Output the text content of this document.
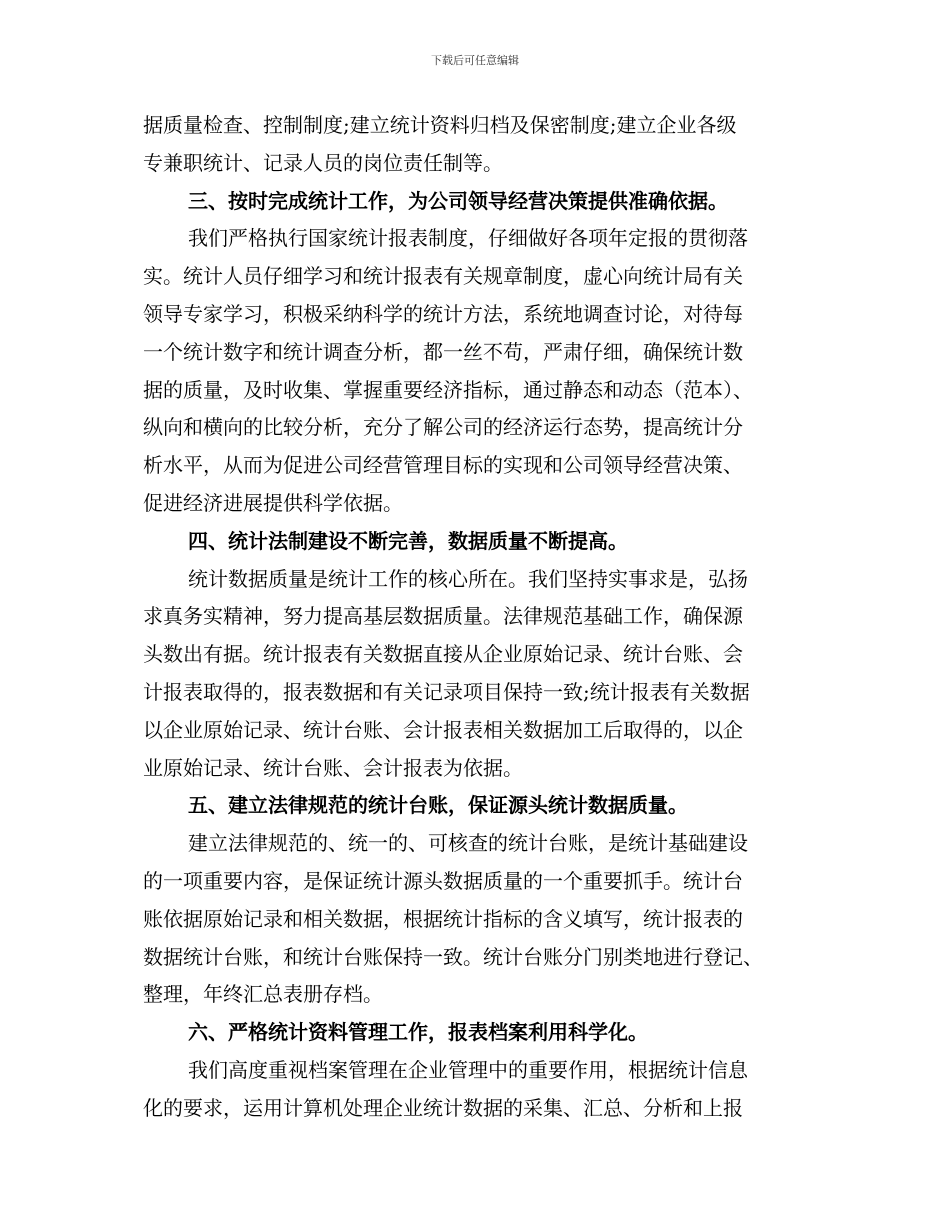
下载后可任意编辑
据质量检查、控制制度;建立统计资料归档及保密制度;建立企业各级
专兼职统计、记录人员的岗位责任制等。
三、按时完成统计工作，为公司领导经营决策提供准确依据。
我们严格执行国家统计报表制度，仔细做好各项年定报的贯彻落
实。统计人员仔细学习和统计报表有关规章制度，虚心向统计局有关
领导专家学习，积极采纳科学的统计方法，系统地调查讨论，对待每
一个统计数字和统计调查分析，都一丝不苟，严肃仔细，确保统计数
据的质量，及时收集、掌握重要经济指标，通过静态和动态（范本）、
纵向和横向的比较分析，充分了解公司的经济运行态势，提高统计分
析水平，从而为促进公司经营管理目标的实现和公司领导经营决策、
促进经济进展提供科学依据。
四、统计法制建设不断完善，数据质量不断提高。
统计数据质量是统计工作的核心所在。我们坚持实事求是，弘扬
求真务实精神，努力提高基层数据质量。法律规范基础工作，确保源
头数出有据。统计报表有关数据直接从企业原始记录、统计台账、会
计报表取得的，报表数据和有关记录项目保持一致;统计报表有关数据
以企业原始记录、统计台账、会计报表相关数据加工后取得的，以企
业原始记录、统计台账、会计报表为依据。
五、建立法律规范的统计台账，保证源头统计数据质量。
建立法律规范的、统一的、可核查的统计台账，是统计基础建设
的一项重要内容，是保证统计源头数据质量的一个重要抓手。统计台
账依据原始记录和相关数据，根据统计指标的含义填写，统计报表的
数据统计台账，和统计台账保持一致。统计台账分门别类地进行登记、
整理，年终汇总表册存档。
六、严格统计资料管理工作，报表档案利用科学化。
我们高度重视档案管理在企业管理中的重要作用，根据统计信息
化的要求，运用计算机处理企业统计数据的采集、汇总、分析和上报
